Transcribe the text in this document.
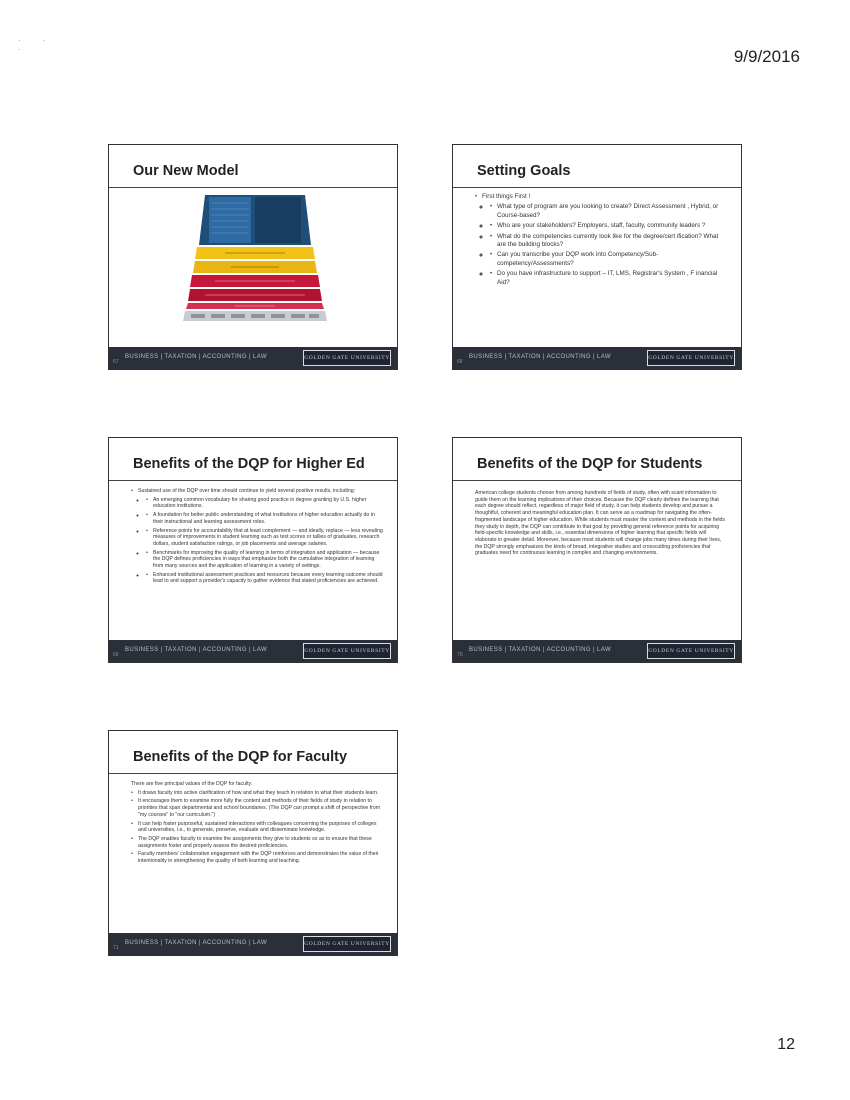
· · ·	9/9/2016
Our New Model
67
BUSINESS | TAXATION | ACCOUNTING | LAW	GOLDEN GATE UNIVERSITY
Setting Goals
• First things First !
• ◦ What type of program are you looking to create? Direct Assessment , Hybrid, or Course-based?
• ◦ Who are your stakeholders? Employers, staff, faculty, community leaders ?
• ◦ What do the competencies currently look like for the degree/cert ification? What are the building blocks?
• ◦ Can you transcribe your DQP work into Competency/Sub-competency/Assessments?
• ◦ Do you have infrastructure to support – IT, LMS, Registrar's System , F inancial Aid?
68
BUSINESS | TAXATION | ACCOUNTING | LAW	GOLDEN GATE UNIVERSITY
Benefits of the DQP for Higher Ed
• Sustained use of the DQP over time should continue to yield several positive results, including:
• ◦ An emerging common vocabulary for sharing good practice in degree granting by U.S. higher education institutions.
• ◦ A foundation for better public understanding of what institutions of higher education actually do in their instructional and learning assessment roles.
• ◦ Reference points for accountability that at least complement — and ideally, replace — less revealing measures of improvements in student learning such as test scores or tallies of graduates, research dollars, student satisfaction ratings, or job placements and average salaries.
• ◦ Benchmarks for improving the quality of learning in terms of integration and application — because the DQP defines proficiencies in ways that emphasize both the cumulative integration of learning from many sources and the application of learning in a variety of settings.
• ◦ Enhanced institutional assessment practices and resources because every learning outcome should lead to and support a provider's capacity to gather evidence that stated proficiencies are achieved.
69
BUSINESS | TAXATION | ACCOUNTING | LAW	GOLDEN GATE UNIVERSITY
Benefits of the DQP for Students

American college students choose from among hundreds of fields of study, often with scant information to guide them on the learning implications of their choices. Because the DQP clearly defines the learning that each degree should reflect, regardless of major field of study, it can help students develop and pursue a thoughtful, coherent and meaningful education plan. It can serve as a roadmap for navigating the often-fragmented landscape of higher education. While students must master the content and methods in the fields they study in depth, the DQP can contribute to that goal by providing general reference points for acquiring field-specific knowledge and skills, i.e., essential dimensions of higher learning that specific fields will elaborate in greater detail. Moreover, because most students will change jobs many times during their lives, the DQP strongly emphasizes the kinds of broad, integrative studies and crosscutting proficiencies that graduates need for continuous learning in complex and changing environments.

70
BUSINESS | TAXATION | ACCOUNTING | LAW	GOLDEN GATE UNIVERSITY
Benefits of the DQP for Faculty

There are five principal values of the DQP for faculty.

• It draws faculty into active clarification of how and what they teach in relation to what their students learn.
• It encourages them to examine more fully the content and methods of their fields of study in relation to priorities that span departmental and school boundaries. (The DQP can prompt a shift of perspective from "my courses" to "our curriculum.")
• It can help foster purposeful, sustained interactions with colleagues concerning the purposes of colleges and universities, i.e., to generate, preserve, evaluate and disseminate knowledge.
• The DQP enables faculty to examine the assignments they give to students so as to ensure that these assignments foster and properly assess the desired proficiencies.
• Faculty members' collaborative engagement with the DQP reinforces and demonstrates the value of their intentionality in strengthening the quality of both learning and teaching.
71
BUSINESS | TAXATION | ACCOUNTING | LAW	GOLDEN GATE UNIVERSITY
12
